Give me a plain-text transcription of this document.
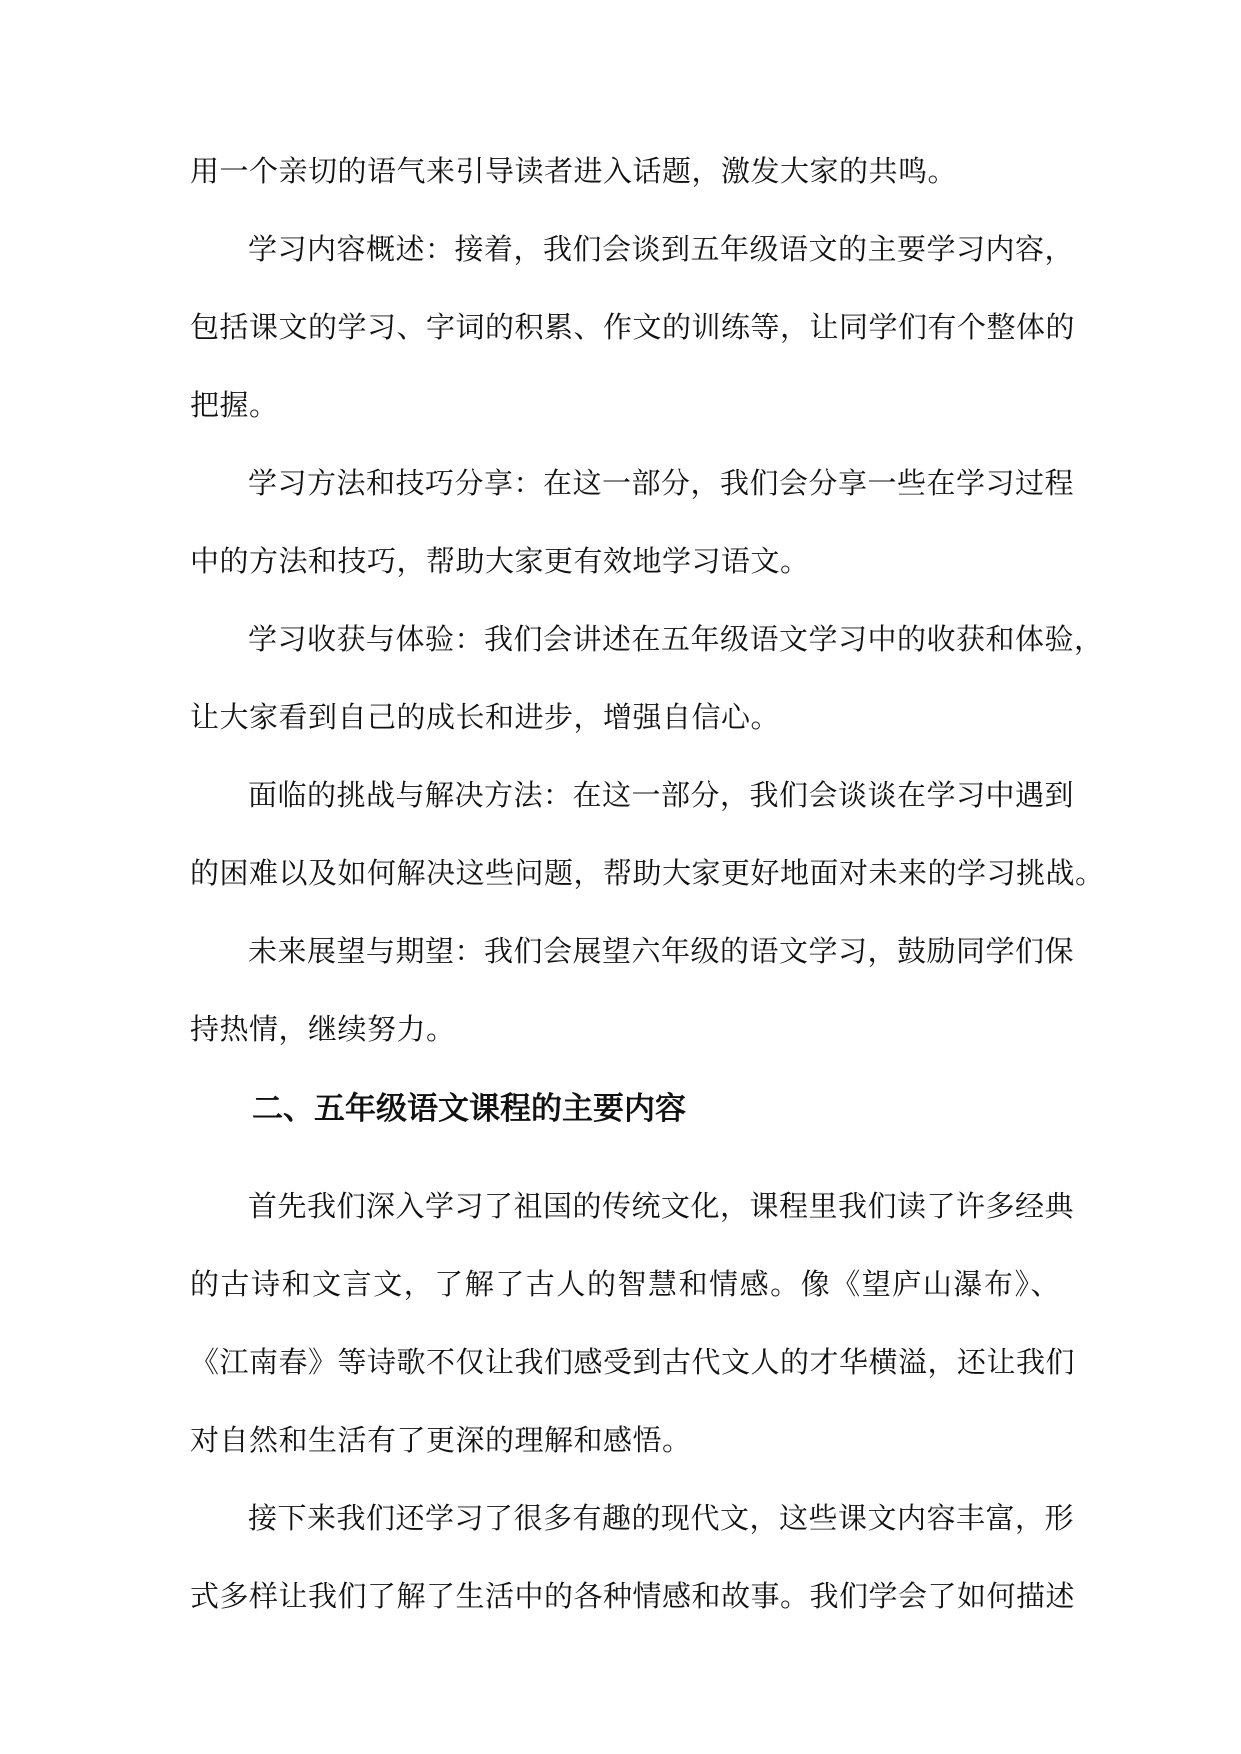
用一个亲切的语气来引导读者进入话题，激发大家的共鸣。
学习内容概述：接着，我们会谈到五年级语文的主要学习内容，
包括课文的学习、字词的积累、作文的训练等，让同学们有个整体的
把握。
学习方法和技巧分享：在这一部分，我们会分享一些在学习过程
中的方法和技巧，帮助大家更有效地学习语文。
学习收获与体验：我们会讲述在五年级语文学习中的收获和体验，
让大家看到自己的成长和进步，增强自信心。
面临的挑战与解决方法：在这一部分，我们会谈谈在学习中遇到
的困难以及如何解决这些问题，帮助大家更好地面对未来的学习挑战。
未来展望与期望：我们会展望六年级的语文学习，鼓励同学们保
持热情，继续努力。
二、五年级语文课程的主要内容
首先我们深入学习了祖国的传统文化，课程里我们读了许多经典
的古诗和文言文，了解了古人的智慧和情感。像《望庐山瀑布》、
《江南春》等诗歌不仅让我们感受到古代文人的才华横溢，还让我们
对自然和生活有了更深的理解和感悟。
接下来我们还学习了很多有趣的现代文，这些课文内容丰富，形
式多样让我们了解了生活中的各种情感和故事。我们学会了如何描述
